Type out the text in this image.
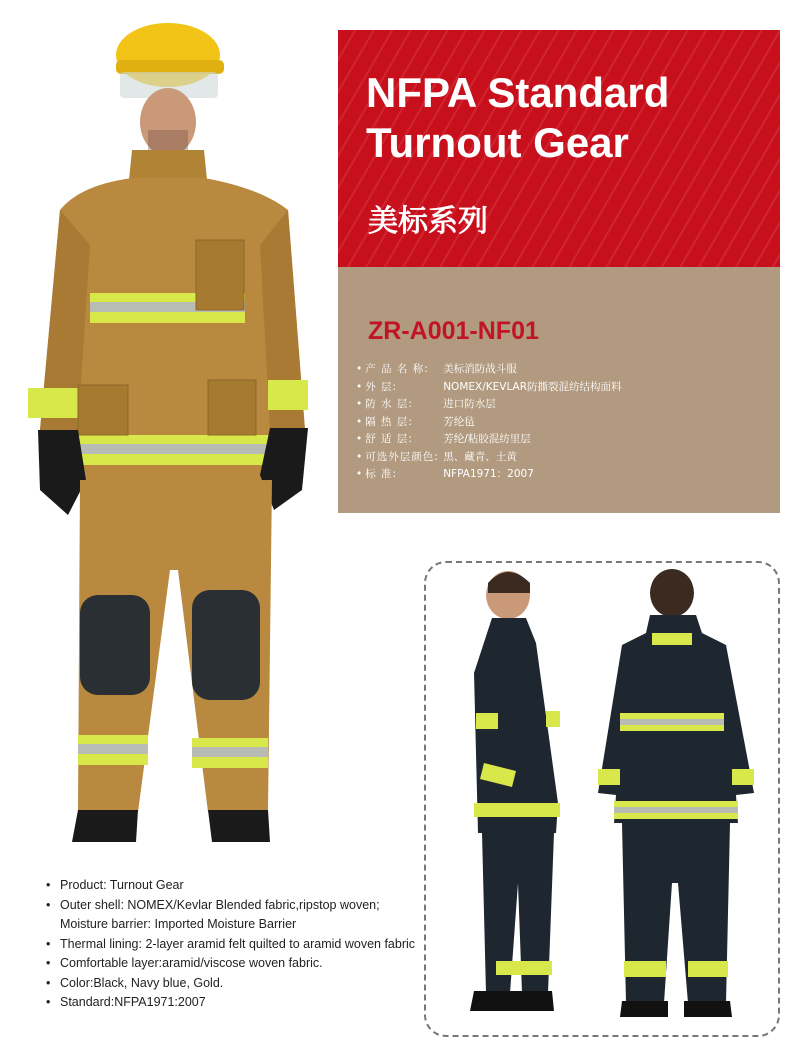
NFPA Standard
Turnout Gear
美标系列
ZR-A001-NF01
• 产 品 名 称: 美标消防战斗服
• 外 层:	NOMEX/KEVLAR防撕裂混纺结构面料
• 防 水 层:	进口防水层
• 隔 热 层:	芳纶毡
• 舒 适 层:	芳纶/粘胶混纺里层
• 可选外层颜色: 黑、藏青、土黄
• 标 准:	NFPA1971：2007
• Product: Turnout Gear
• Outer shell: NOMEX/Kevlar Blended fabric,ripstop woven;
Moisture barrier: Imported Moisture Barrier
• Thermal lining: 2-layer aramid felt quilted to aramid woven fabric
• Comfortable layer:aramid/viscose woven fabric.
• Color:Black, Navy blue, Gold.
• Standard:NFPA1971:2007
